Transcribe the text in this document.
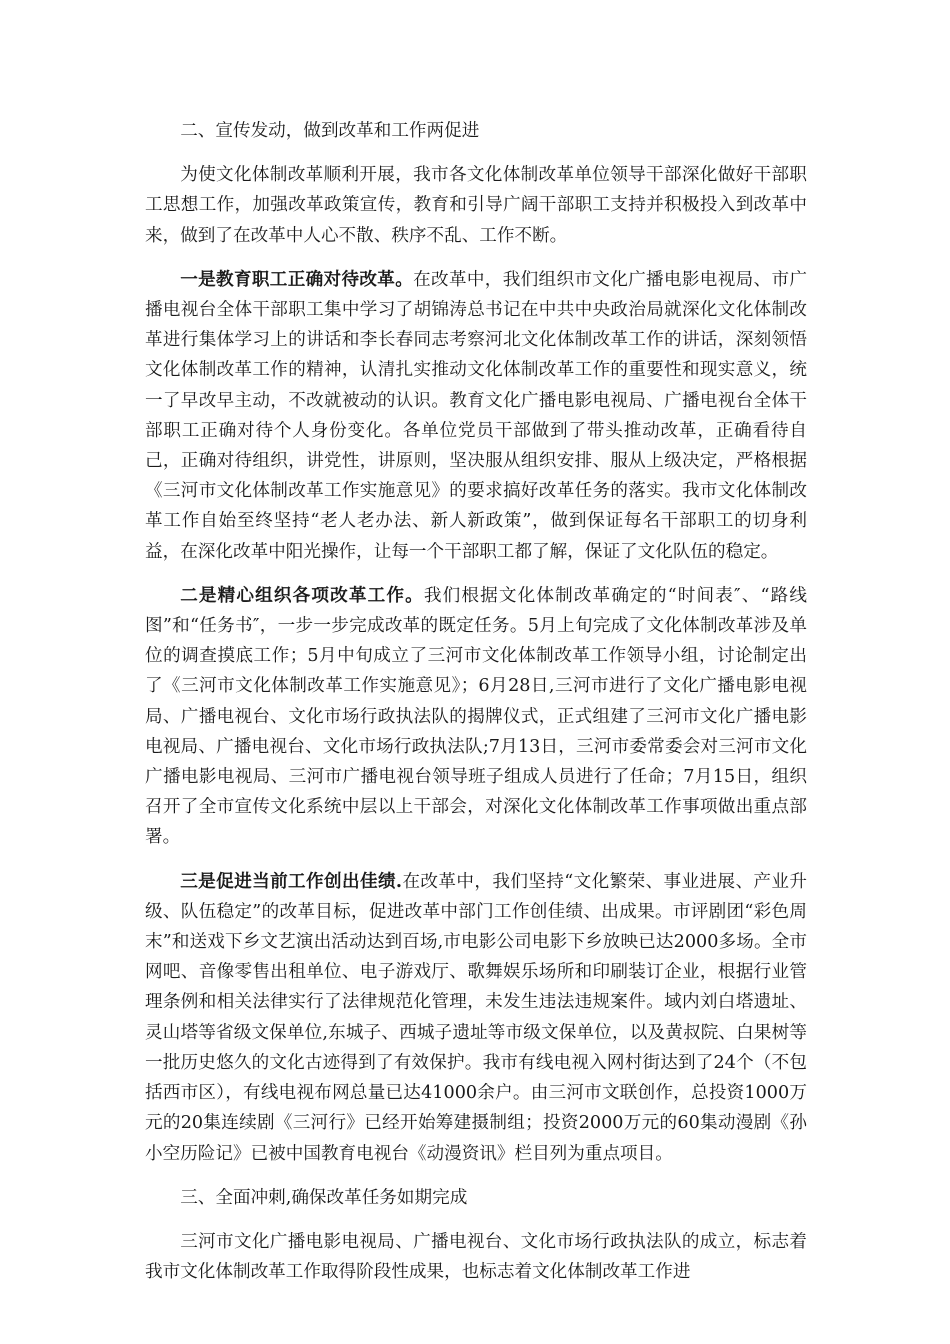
二、宣传发动，做到改革和工作两促进

为使文化体制改革顺利开展，我市各文化体制改革单位领导干部深化做好干部职工思想工作，加强改革政策宣传，教育和引导广阔干部职工支持并积极投入到改革中来，做到了在改革中人心不散、秩序不乱、工作不断。

一是教育职工正确对待改革。在改革中，我们组织市文化广播电影电视局、市广播电视台全体干部职工集中学习了胡锦涛总书记在中共中央政治局就深化文化体制改革进行集体学习上的讲话和李长春同志考察河北文化体制改革工作的讲话，深刻领悟文化体制改革工作的精神，认清扎实推动文化体制改革工作的重要性和现实意义，统一了早改早主动，不改就被动的认识。教育文化广播电影电视局、广播电视台全体干部职工正确对待个人身份变化。各单位党员干部做到了带头推动改革，正确看待自己，正确对待组织，讲党性，讲原则，坚决服从组织安排、服从上级决定，严格根据《三河市文化体制改革工作实施意见》的要求搞好改革任务的落实。我市文化体制改革工作自始至终坚持“老人老办法、新人新政策”，做到保证每名干部职工的切身利益，在深化改革中阳光操作，让每一个干部职工都了解，保证了文化队伍的稳定。

二是精心组织各项改革工作。我们根据文化体制改革确定的“时间表″、“路线图”和“任务书″，一步一步完成改革的既定任务。5月上旬完成了文化体制改革涉及单位的调查摸底工作；5月中旬成立了三河市文化体制改革工作领导小组，讨论制定出了《三河市文化体制改革工作实施意见》；6月28日,三河市进行了文化广播电影电视局、广播电视台、文化市场行政执法队的揭牌仪式，正式组建了三河市文化广播电影电视局、广播电视台、文化市场行政执法队;7月13日，三河市委常委会对三河市文化广播电影电视局、三河市广播电视台领导班子组成人员进行了任命；7月15日，组织召开了全市宣传文化系统中层以上干部会，对深化文化体制改革工作事项做出重点部署。

三是促进当前工作创出佳绩.在改革中，我们坚持“文化繁荣、事业进展、产业升级、队伍稳定”的改革目标，促进改革中部门工作创佳绩、出成果。市评剧团“彩色周末”和送戏下乡文艺演出活动达到百场,市电影公司电影下乡放映已达2000多场。全市网吧、音像零售出租单位、电子游戏厅、歌舞娱乐场所和印刷装订企业，根据行业管理条例和相关法律实行了法律规范化管理，未发生违法违规案件。域内刘白塔遗址、灵山塔等省级文保单位,东城子、西城子遗址等市级文保单位，以及黄叔院、白果树等一批历史悠久的文化古迹得到了有效保护。我市有线电视入网村街达到了24个（不包括西市区），有线电视布网总量已达41000余户。由三河市文联创作，总投资1000万元的20集连续剧《三河行》已经开始筹建摄制组；投资2000万元的60集动漫剧《孙小空历险记》已被中国教育电视台《动漫资讯》栏目列为重点项目。

三、全面冲刺,确保改革任务如期完成

三河市文化广播电影电视局、广播电视台、文化市场行政执法队的成立，标志着我市文化体制改革工作取得阶段性成果，也标志着文化体制改革工作进
